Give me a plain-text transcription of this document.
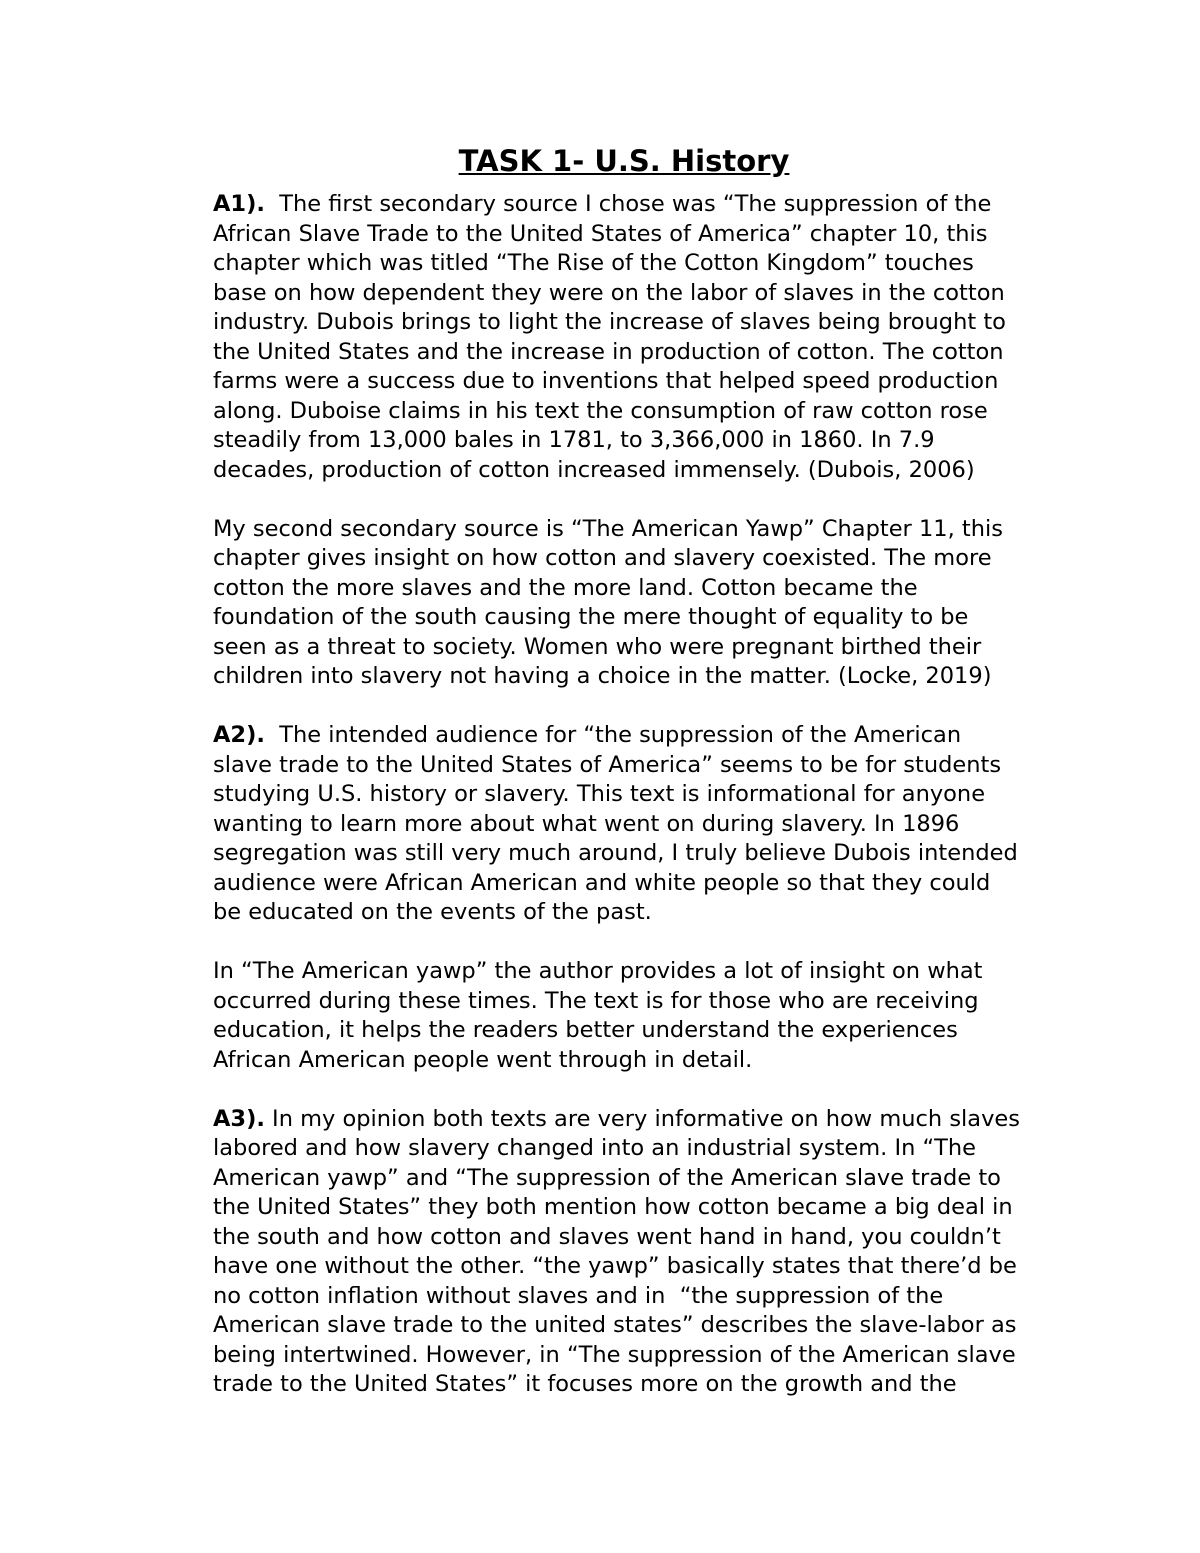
TASK 1- U.S. History
A1).  The first secondary source I chose was “The suppression of the
African Slave Trade to the United States of America” chapter 10, this
chapter which was titled “The Rise of the Cotton Kingdom” touches
base on how dependent they were on the labor of slaves in the cotton
industry. Dubois brings to light the increase of slaves being brought to
the United States and the increase in production of cotton. The cotton
farms were a success due to inventions that helped speed production
along. Duboise claims in his text the consumption of raw cotton rose
steadily from 13,000 bales in 1781, to 3,366,000 in 1860. In 7.9
decades, production of cotton increased immensely. (Dubois, 2006)
My second secondary source is “The American Yawp” Chapter 11, this
chapter gives insight on how cotton and slavery coexisted. The more
cotton the more slaves and the more land. Cotton became the
foundation of the south causing the mere thought of equality to be
seen as a threat to society. Women who were pregnant birthed their
children into slavery not having a choice in the matter. (Locke, 2019)
A2).  The intended audience for “the suppression of the American
slave trade to the United States of America” seems to be for students
studying U.S. history or slavery. This text is informational for anyone
wanting to learn more about what went on during slavery. In 1896
segregation was still very much around, I truly believe Dubois intended
audience were African American and white people so that they could
be educated on the events of the past.
In “The American yawp” the author provides a lot of insight on what
occurred during these times. The text is for those who are receiving
education, it helps the readers better understand the experiences
African American people went through in detail.
A3). In my opinion both texts are very informative on how much slaves
labored and how slavery changed into an industrial system. In “The
American yawp” and “The suppression of the American slave trade to
the United States” they both mention how cotton became a big deal in
the south and how cotton and slaves went hand in hand, you couldn’t
have one without the other. “the yawp” basically states that there’d be
no cotton inflation without slaves and in  “the suppression of the
American slave trade to the united states” describes the slave-labor as
being intertwined. However, in “The suppression of the American slave
trade to the United States” it focuses more on the growth and the
